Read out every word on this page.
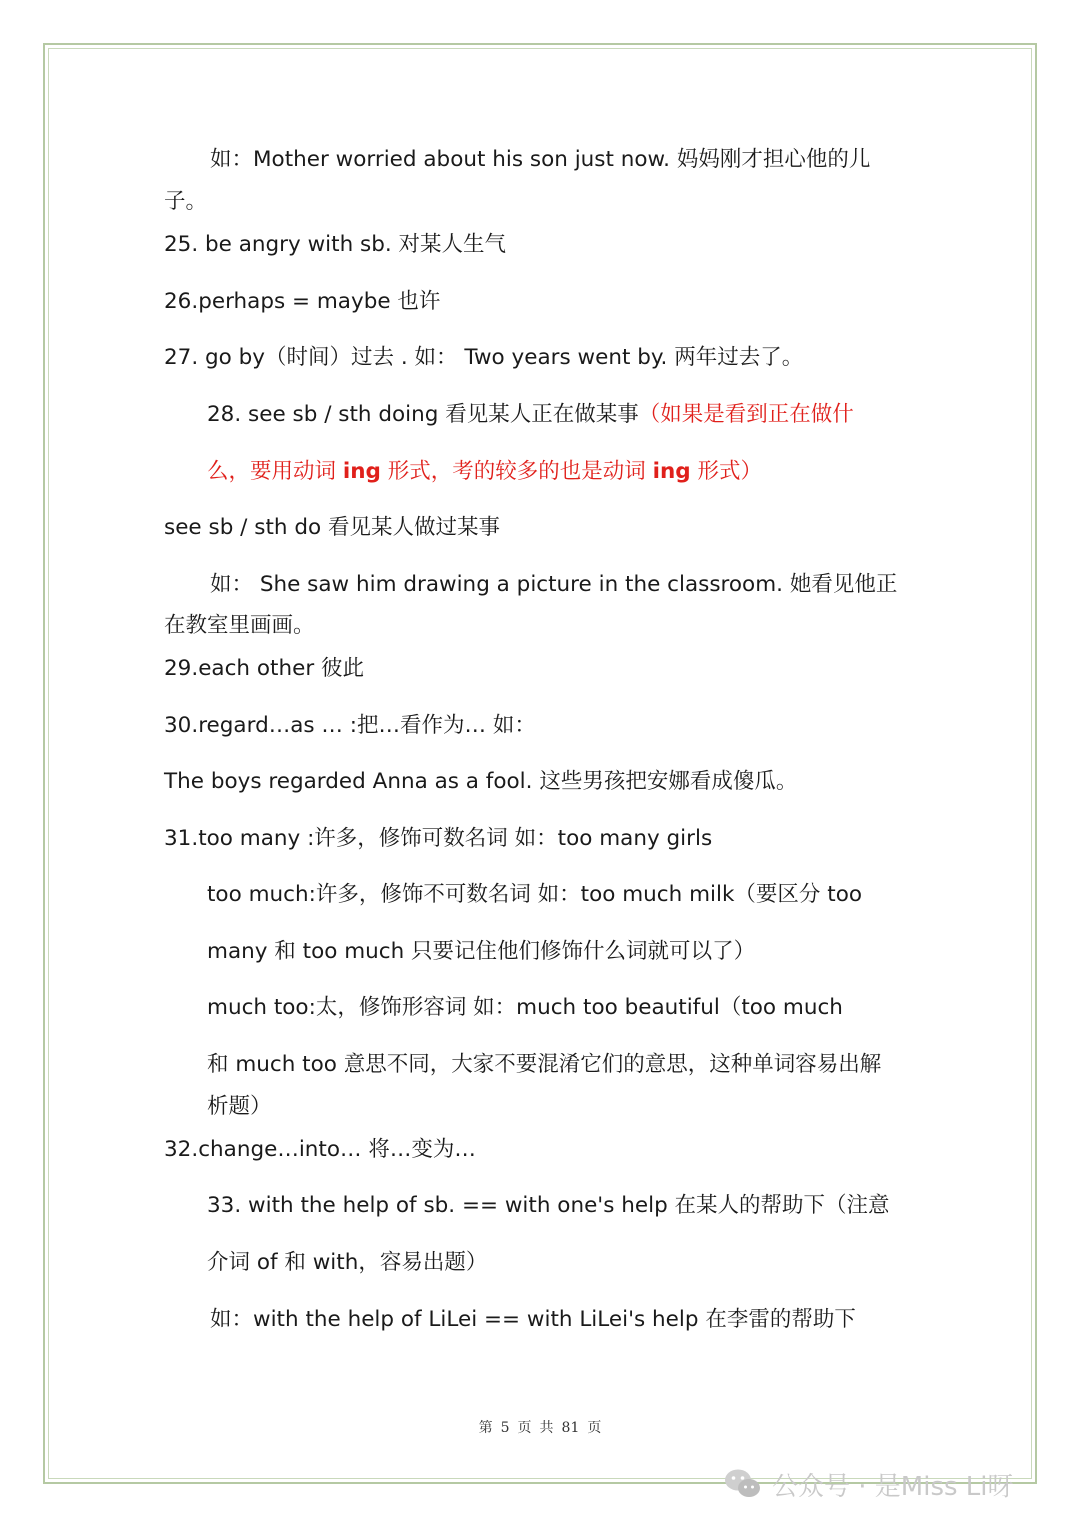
如：Mother worried about his son just now. 妈妈刚才担心他的儿
子。
25. be angry with sb. 对某人生气
26.perhaps = maybe 也许
27. go by（时间）过去 . 如： Two years went by. 两年过去了。
28. see sb / sth doing 看见某人正在做某事（如果是看到正在做什
么，要用动词 ing 形式，考的较多的也是动词 ing 形式）
see sb / sth do 看见某人做过某事
如： She saw him drawing a picture in the classroom. 她看见他正
在教室里画画。
29.each other 彼此
30.regard…as … :把…看作为… 如：
The boys regarded Anna as a fool. 这些男孩把安娜看成傻瓜。
31.too many :许多，修饰可数名词 如：too many girls
too much:许多，修饰不可数名词 如：too much milk（要区分 too
many 和 too much 只要记住他们修饰什么词就可以了）
much too:太，修饰形容词 如：much too beautiful（too much
和 much too 意思不同，大家不要混淆它们的意思，这种单词容易出解
析题）
32.change…into… 将…变为…
33. with the help of sb. == with one's help 在某人的帮助下（注意
介词 of 和 with，容易出题）
如：with the help of LiLei == with LiLei's help 在李雷的帮助下
第 5 页 共 81 页
公众号 · 是Miss Li呀
